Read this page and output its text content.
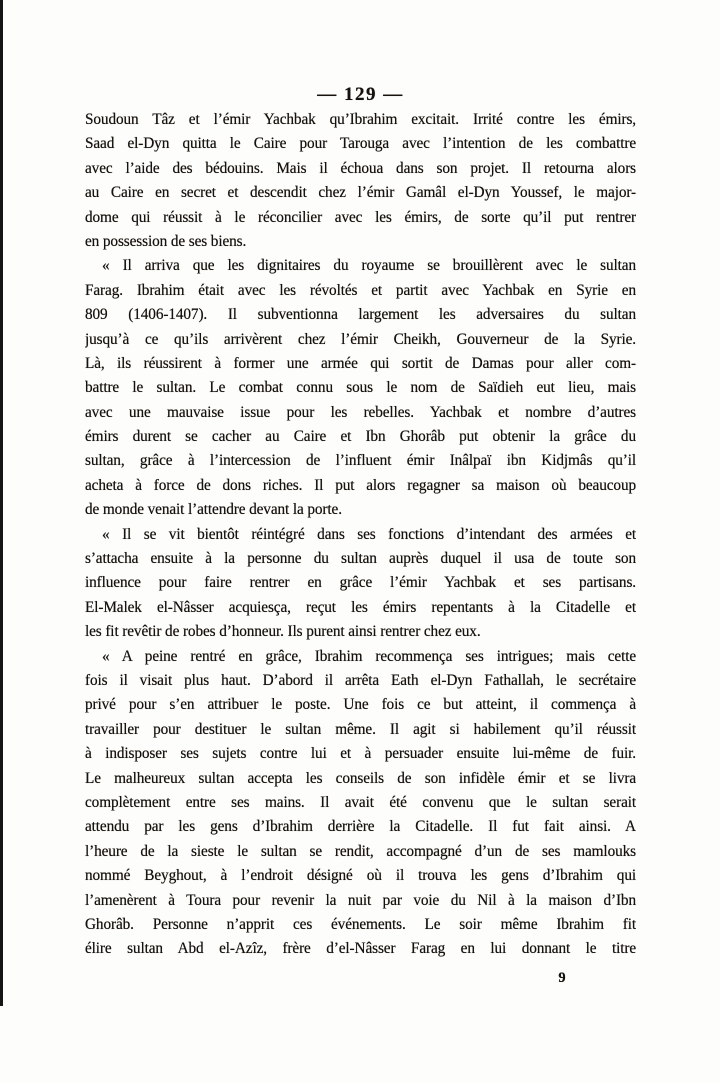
— 129 —
Soudoun Tâz et l’émir Yachbak qu’Ibrahim excitait. Irrité contre les émirs,
Saad el-Dyn quitta le Caire pour Tarouga avec l’intention de les combattre
avec l’aide des bédouins. Mais il échoua dans son projet. Il retourna alors
au Caire en secret et descendit chez l’émir Gamâl el-Dyn Youssef, le major-
dome qui réussit à le réconcilier avec les émirs, de sorte qu’il put rentrer
en possession de ses biens.
« Il arriva que les dignitaires du royaume se brouillèrent avec le sultan
Farag. Ibrahim était avec les révoltés et partit avec Yachbak en Syrie en
809 (1406-1407). Il subventionna largement les adversaires du sultan
jusqu’à ce qu’ils arrivèrent chez l’émir Cheikh, Gouverneur de la Syrie.
Là, ils réussirent à former une armée qui sortit de Damas pour aller com-
battre le sultan. Le combat connu sous le nom de Saïdieh eut lieu, mais
avec une mauvaise issue pour les rebelles. Yachbak et nombre d’autres
émirs durent se cacher au Caire et Ibn Ghorâb put obtenir la grâce du
sultan, grâce à l’intercession de l’influent émir Inâlpaï ibn Kidjmâs qu’il
acheta à force de dons riches. Il put alors regagner sa maison où beaucoup
de monde venait l’attendre devant la porte.
« Il se vit bientôt réintégré dans ses fonctions d’intendant des armées et
s’attacha ensuite à la personne du sultan auprès duquel il usa de toute son
influence pour faire rentrer en grâce l’émir Yachbak et ses partisans.
El-Malek el-Nâsser acquiesça, reçut les émirs repentants à la Citadelle et
les fit revêtir de robes d’honneur. Ils purent ainsi rentrer chez eux.
« A peine rentré en grâce, Ibrahim recommença ses intrigues; mais cette
fois il visait plus haut. D’abord il arrêta Eath el-Dyn Fathallah, le secrétaire
privé pour s’en attribuer le poste. Une fois ce but atteint, il commença à
travailler pour destituer le sultan même. Il agit si habilement qu’il réussit
à indisposer ses sujets contre lui et à persuader ensuite lui-même de fuir.
Le malheureux sultan accepta les conseils de son infidèle émir et se livra
complètement entre ses mains. Il avait été convenu que le sultan serait
attendu par les gens d’Ibrahim derrière la Citadelle. Il fut fait ainsi. A
l’heure de la sieste le sultan se rendit, accompagné d’un de ses mamlouks
nommé Beyghout, à l’endroit désigné où il trouva les gens d’Ibrahim qui
l’amenèrent à Toura pour revenir la nuit par voie du Nil à la maison d’Ibn
Ghorâb. Personne n’apprit ces événements. Le soir même Ibrahim fit
élire sultan Abd el-Azîz, frère d’el-Nâsser Farag en lui donnant le titre
9
